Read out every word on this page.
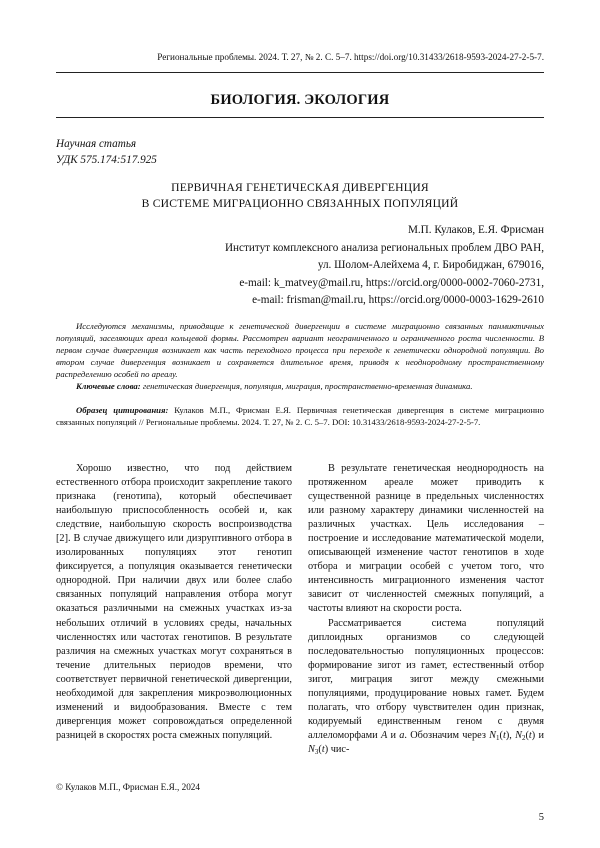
Региональные проблемы. 2024. Т. 27, № 2. С. 5–7. https://doi.org/10.31433/2618-9593-2024-27-2-5-7.
БИОЛОГИЯ. ЭКОЛОГИЯ
Научная статья
УДК 575.174:517.925
ПЕРВИЧНАЯ ГЕНЕТИЧЕСКАЯ ДИВЕРГЕНЦИЯ
В СИСТЕМЕ МИГРАЦИОННО СВЯЗАННЫХ ПОПУЛЯЦИЙ
М.П. Кулаков, Е.Я. Фрисман
Институт комплексного анализа региональных проблем ДВО РАН,
ул. Шолом-Алейхема 4, г. Биробиджан, 679016,
e-mail: k_matvey@mail.ru, https://orcid.org/0000-0002-7060-2731,
e-mail: frisman@mail.ru, https://orcid.org/0000-0003-1629-2610
Исследуются механизмы, приводящие к генетической дивергенции в системе миграционно связанных панмиктичных популяций, заселяющих ареал кольцевой формы. Рассмотрен вариант неограниченного и ограниченного роста численности. В первом случае дивергенция возникает как часть переходного процесса при переходе к генетически однородной популяции. Во втором случае дивергенция возникает и сохраняется длительное время, приводя к неоднородному пространственному распределению особей по ареалу.
Ключевые слова: генетическая дивергенция, популяция, миграция, пространственно-временная динамика.
Образец цитирования: Кулаков М.П., Фрисман Е.Я. Первичная генетическая дивергенция в системе миграционно связанных популяций // Региональные проблемы. 2024. Т. 27, № 2. С. 5–7. DOI: 10.31433/2618-9593-2024-27-2-5-7.

Хорошо известно, что под действием естественного отбора происходит закрепление такого признака (генотипа), который обеспечивает наибольшую приспособленность особей и, как следствие, наибольшую скорость воспроизводства [2]. В случае движущего или дизруптивного отбора в изолированных популяциях этот генотип фиксируется, а популяция оказывается генетически однородной. При наличии двух или более слабо связанных популяций направления отбора могут оказаться различными на смежных участках из-за небольших отличий в условиях среды, начальных численностях или частотах генотипов. В результате различия на смежных участках могут сохраняться в течение длительных периодов времени, что соответствует первичной генетической дивергенции, необходимой для закрепления микроэволюционных изменений и видообразования. Вместе с тем дивергенция может сопровождаться определенной разницей в скоростях роста смежных популяций.

В результате генетическая неоднородность на протяженном ареале может приводить к существенной разнице в предельных численностях или разному характеру динамики численностей на различных участках. Цель исследования – построение и исследование математической модели, описывающей изменение частот генотипов в ходе отбора и миграции особей с учетом того, что интенсивность миграционного изменения частот зависит от численностей смежных популяций, а частоты влияют на скорости роста.

Рассматривается система популяций диплоидных организмов со следующей последовательностью популяционных процессов: формирование зигот из гамет, естественный отбор зигот, миграция зигот между смежными популяциями, продуцирование новых гамет. Будем полагать, что отбору чувствителен один признак, кодируемый единственным геном с двумя аллеломорфами A и a. Обозначим через $N_1(t)$, $N_2(t)$ и $N_3(t)$ чис-

© Кулаков М.П., Фрисман Е.Я., 2024
5
